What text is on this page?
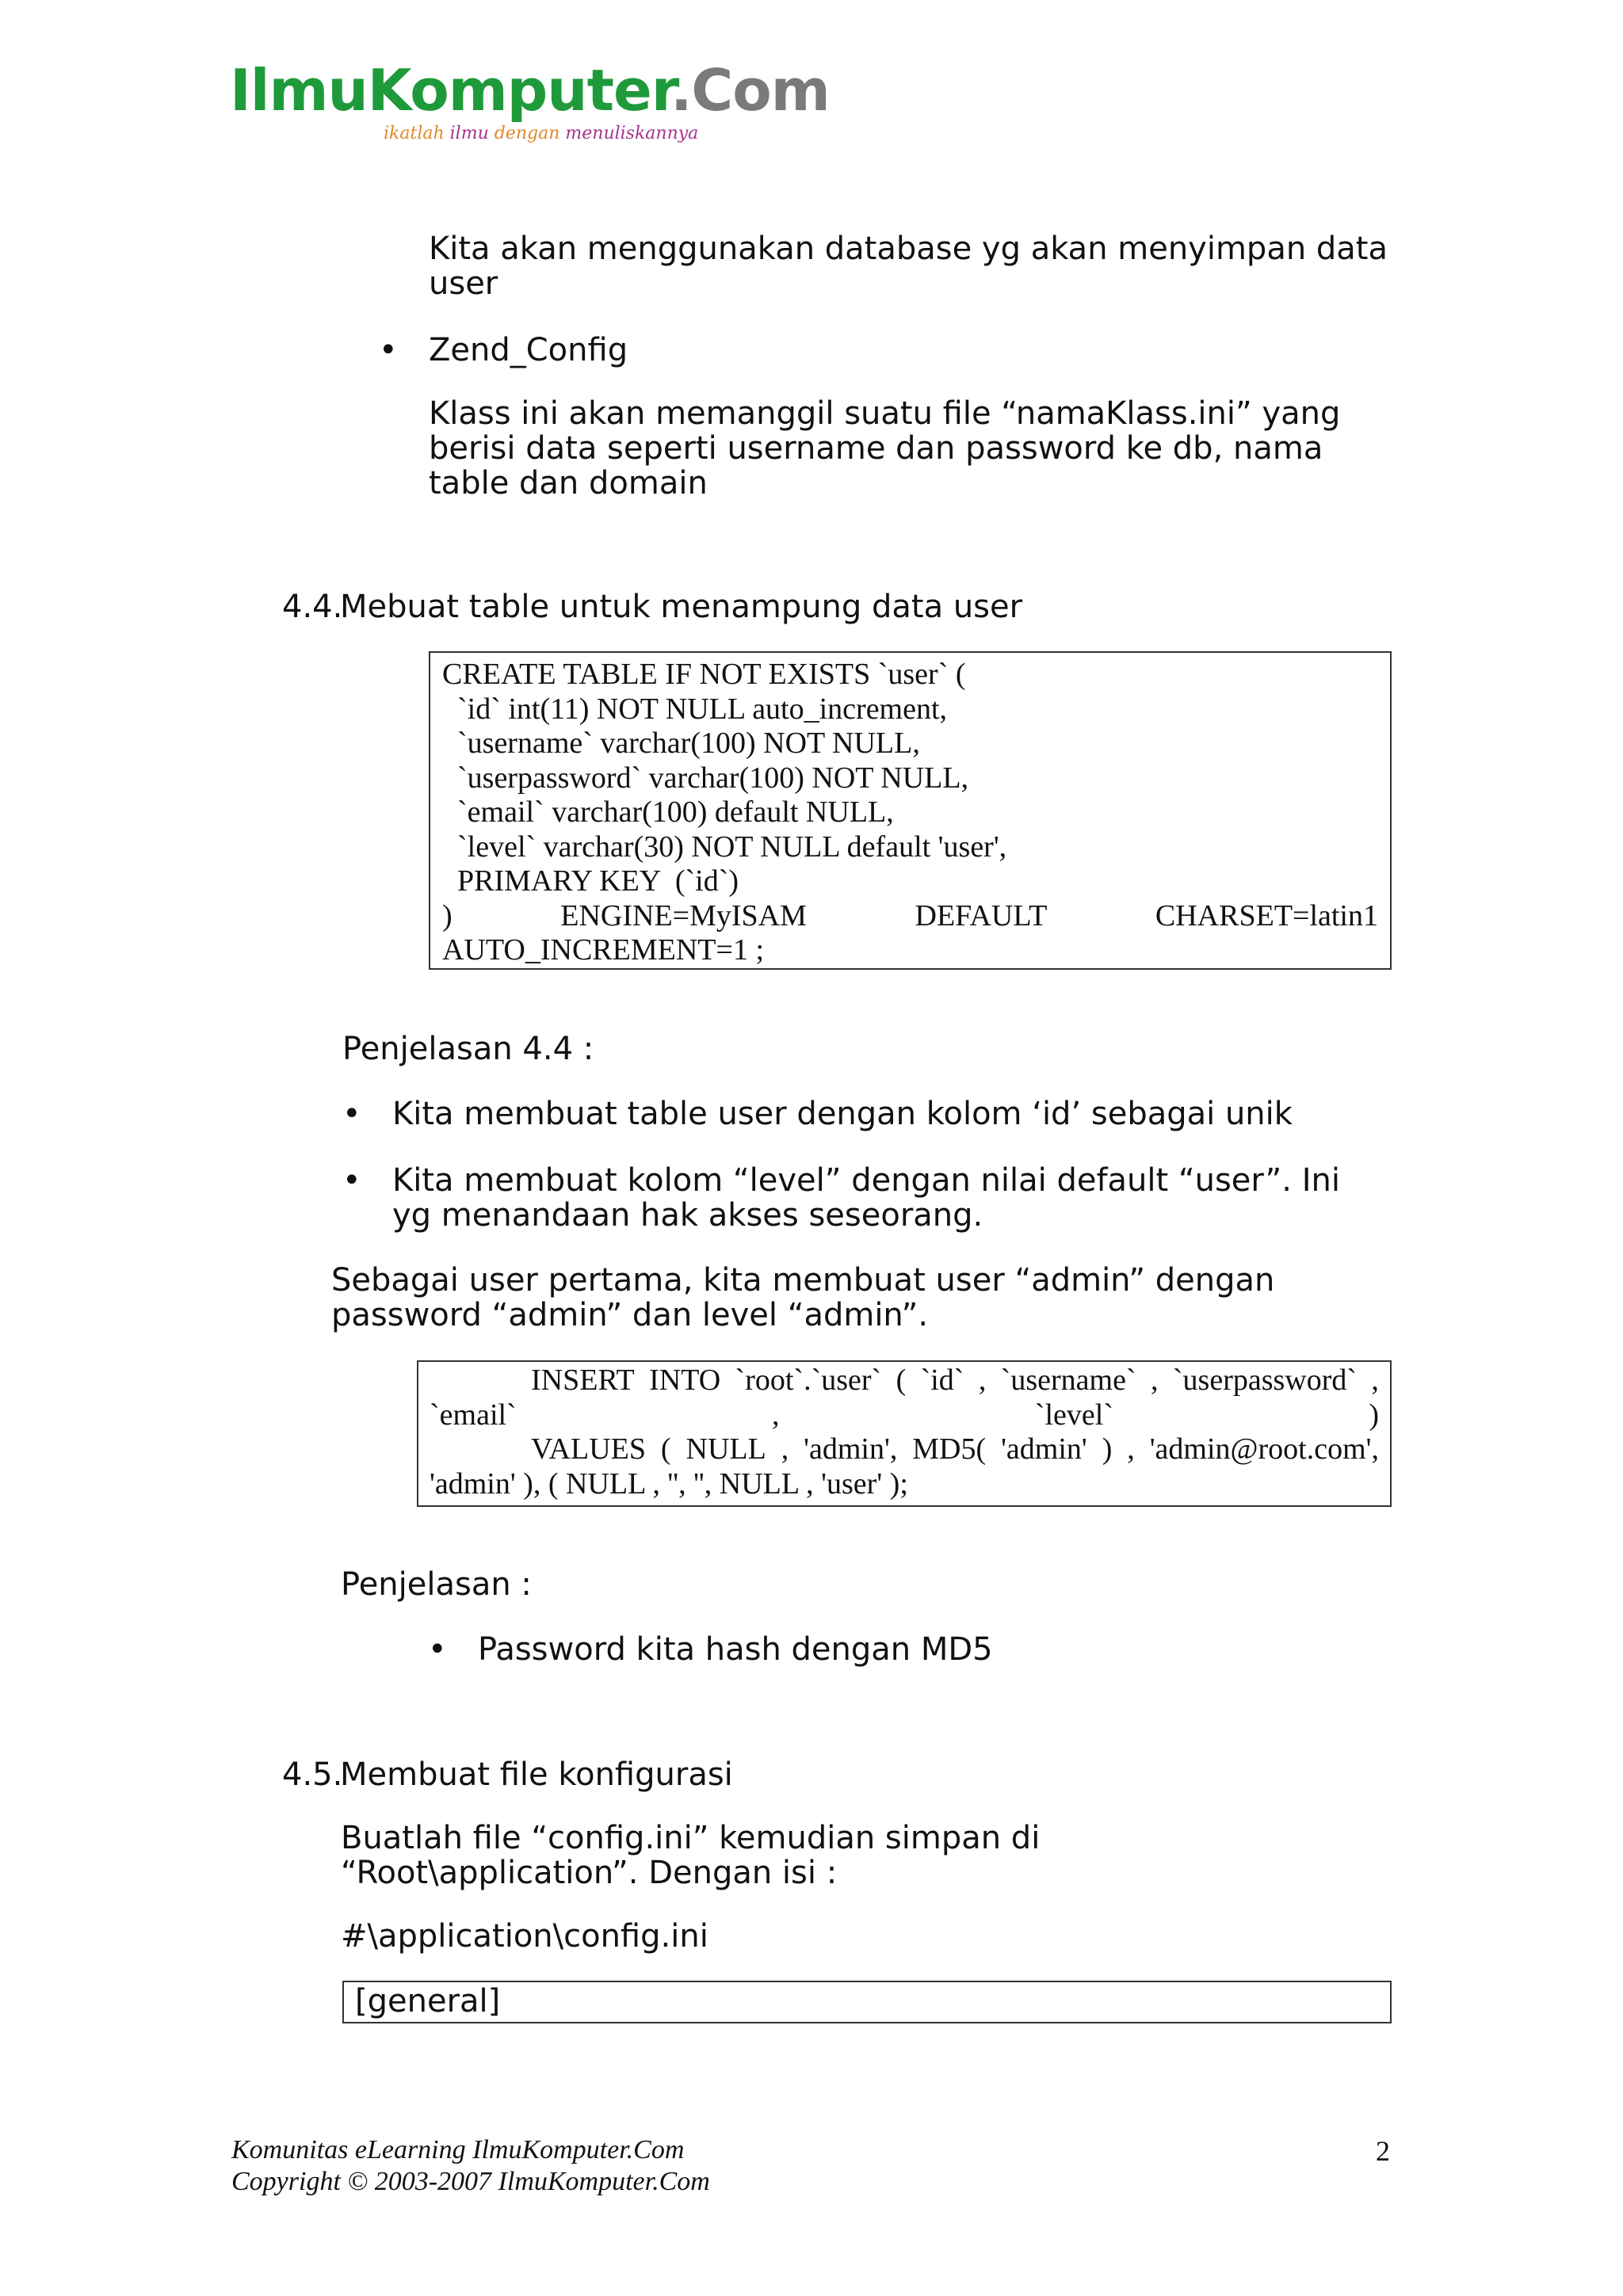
IlmuKomputer.Com
ikatlah ilmu dengan menuliskannya
Kita akan menggunakan database yg akan menyimpan data user
• Zend_Config
Klass ini akan memanggil suatu file “namaKlass.ini” yang berisi data seperti username dan password ke db, nama table dan domain
4.4.
Mebuat table untuk menampung data user
CREATE TABLE IF NOT EXISTS `user` (
`id` int(11) NOT NULL auto_increment,
`username` varchar(100) NOT NULL,
`userpassword` varchar(100) NOT NULL,
`email` varchar(100) default NULL,
`level` varchar(30) NOT NULL default 'user',
PRIMARY KEY  (`id`)
)	ENGINE=MyISAM	DEFAULT	CHARSET=latin1
AUTO_INCREMENT=1 ;
Penjelasan 4.4 :
• Kita membuat table user dengan kolom ‘id’ sebagai unik
• Kita membuat kolom “level” dengan nilai default “user”. Ini yg menandaan hak akses seseorang.
Sebagai user pertama, kita membuat user “admin” dengan password “admin” dan level “admin”.
INSERT INTO `root`.`user` ( `id` , `username` , `userpassword` ,
`email`	,	`level`	)
VALUES ( NULL , 'admin', MD5( 'admin' ) , 'admin@root.com',
'admin' ), ( NULL , '', '', NULL , 'user' );
Penjelasan :
• Password kita hash dengan MD5
4.5.
Membuat file konfigurasi
Buatlah file “config.ini” kemudian simpan di “Root\application”. Dengan isi :
#\application\config.ini
[general]
Komunitas eLearning IlmuKomputer.Com
Copyright © 2003-2007 IlmuKomputer.Com
2
